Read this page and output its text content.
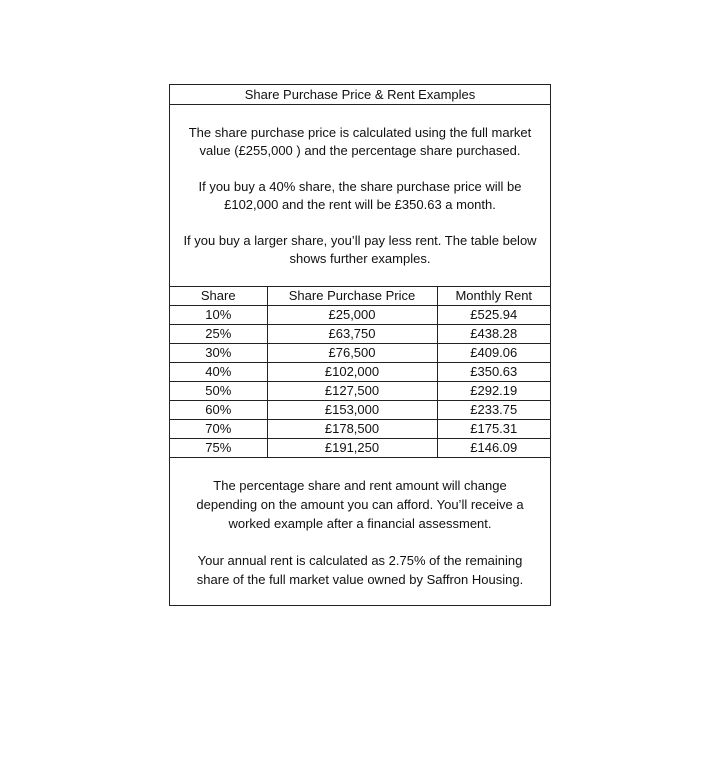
Share Purchase Price & Rent Examples

The share purchase price is calculated using the full market value (£255,000 ) and the percentage share purchased.

If you buy a 40% share, the share purchase price will be £102,000 and the rent will be £350.63 a month.

If you buy a larger share, you’ll pay less rent. The table below shows further examples.

Share	Share Purchase Price	Monthly Rent
10%	£25,000	£525.94
25%	£63,750	£438.28
30%	£76,500	£409.06
40%	£102,000	£350.63
50%	£127,500	£292.19
60%	£153,000	£233.75
70%	£178,500	£175.31
75%	£191,250	£146.09

The percentage share and rent amount will change depending on the amount you can afford. You’ll receive a worked example after a financial assessment.

Your annual rent is calculated as 2.75% of the remaining share of the full market value owned by Saffron Housing.
